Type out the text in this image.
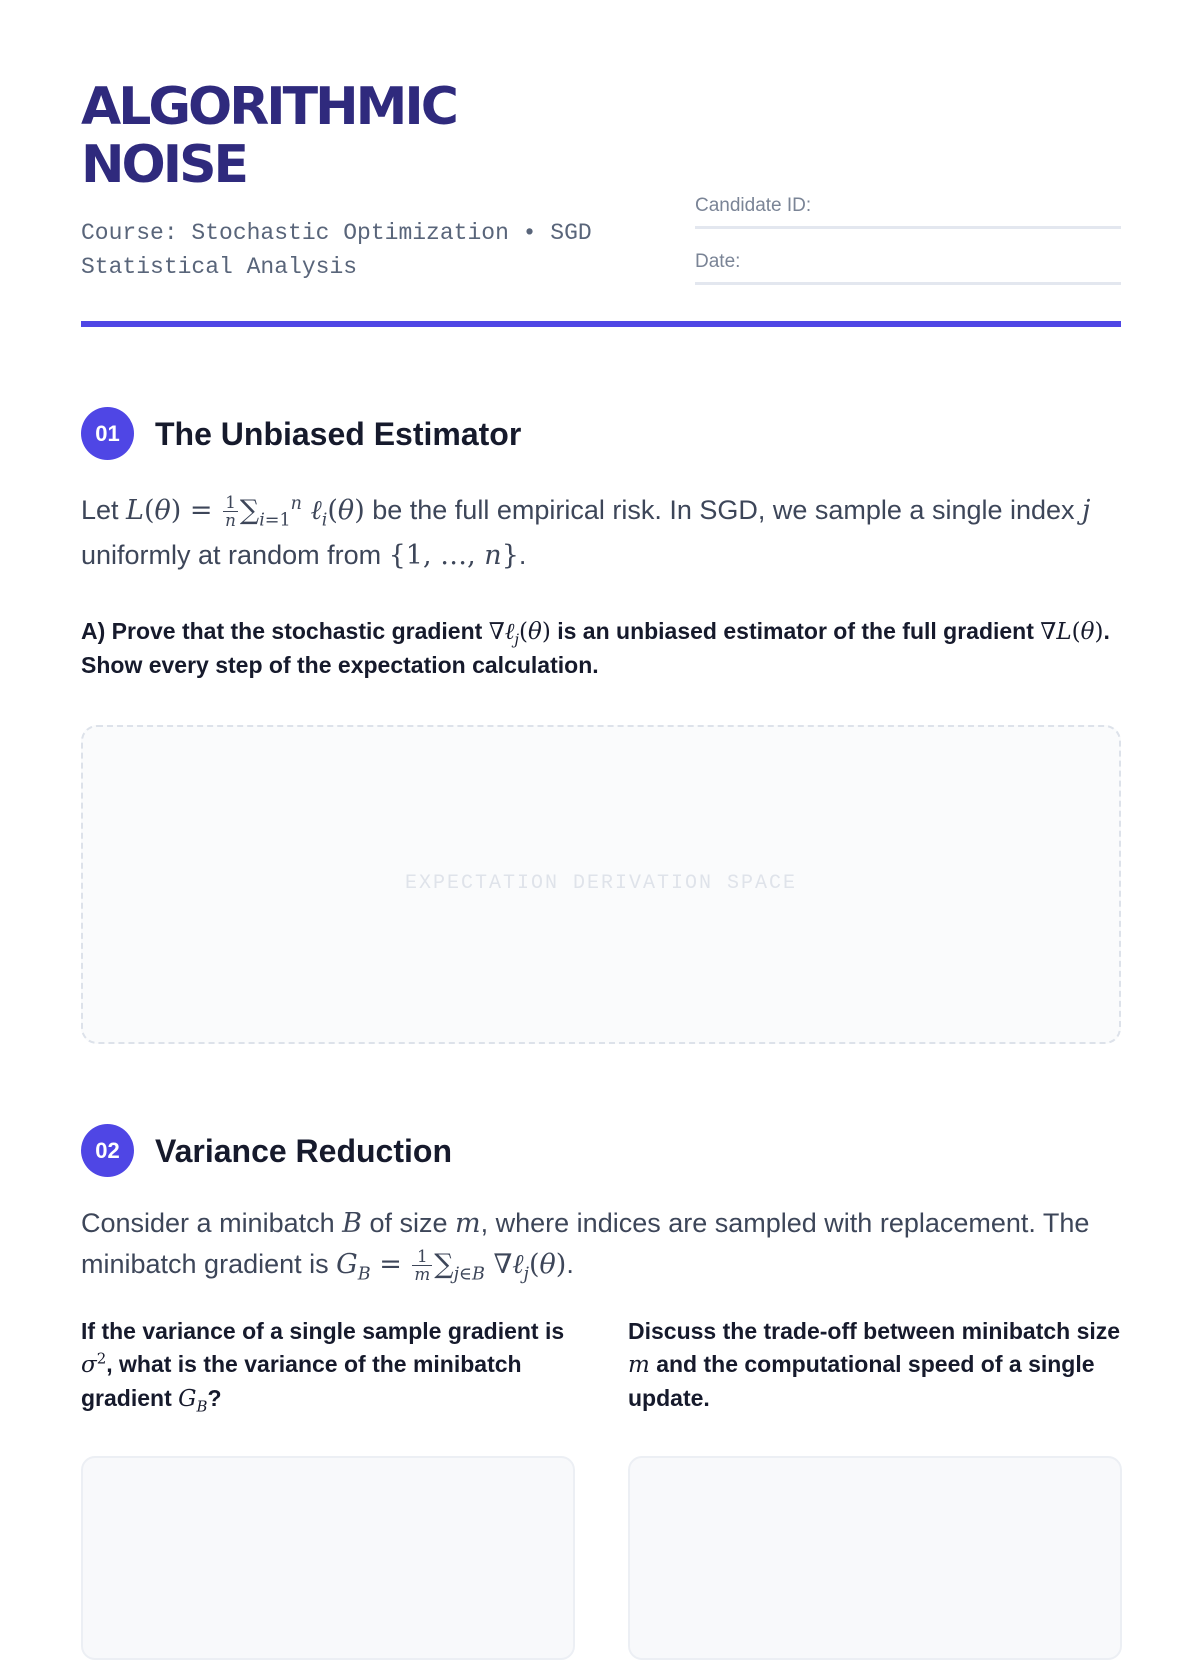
ALGORITHMIC
NOISE

Course: Stochastic Optimization • SGD Statistical Analysis

Candidate ID:
Date:
01	The Unbiased Estimator

Let $L(\theta) = \frac{1}{n} \sum_{i=1}^n$ ℓ$_i$(θ) be the full empirical risk. In SGD, we sample a single index j uniformly at random from {1, …, n}.

A) Prove that the stochastic gradient ∇ℓ$_j$(θ) is an unbiased estimator of the full gradient ∇L(θ). Show every step of the expectation calculation.

EXPECTATION DERIVATION SPACE
02	Variance Reduction

Consider a minibatch B of size m, where indices are sampled with replacement. The minibatch gradient is $G_B = \frac{1}{m} \sum_{j\in B}$ ∇ℓ$_j$(θ).

If the variance of a single sample gradient is $\sigma^2$, what is the variance of the minibatch gradient $G_B$?

Discuss the trade-off between minibatch size m and the computational speed of a single update.
